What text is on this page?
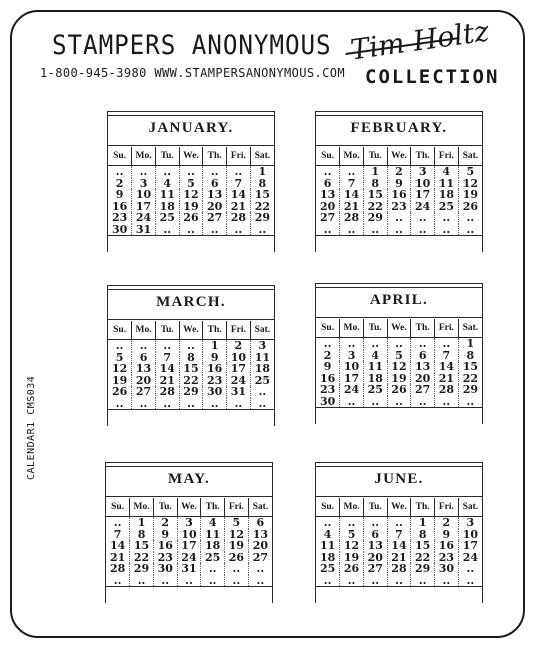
STAMPERS ANONYMOUS
1-800-945-3980 WWW.STAMPERSANONYMOUS.COM
Tim Holtz
COLLECTION
CALENDAR1 CMS034
JANUARY.
Su.	Mo.	Tu.	We.	Th.	Fri.	Sat.
..	..	..	..	..	..	1
2	3	4	5	6	7	8
9	10	11	12	13	14	15
16	17	18	19	20	21	22
23	24	25	26	27	28	29
30	31	..	..	..	..	..
FEBRUARY.
Su.	Mo.	Tu.	We.	Th.	Fri.	Sat.
..	..	1	2	3	4	5
6	7	8	9	10	11	12
13	14	15	16	17	18	19
20	21	22	23	24	25	26
27	28	29	..	..	..	..
..	..	..	..	..	..	..
MARCH.
Su.	Mo.	Tu.	We.	Th.	Fri.	Sat.
..	..	..	..	1	2	3
5	6	7	8	9	10	11
12	13	14	15	16	17	18
19	20	21	22	23	24	25
26	27	28	29	30	31	..
..	..	..	..	..	..	..
APRIL.
Su.	Mo.	Tu.	We.	Th.	Fri.	Sat.
..	..	..	..	..	..	1
2	3	4	5	6	7	8
9	10	11	12	13	14	15
16	17	18	19	20	21	22
23	24	25	26	27	28	29
30	..	..	..	..	..	..
MAY.
Su.	Mo.	Tu.	We.	Th.	Fri.	Sat.
..	1	2	3	4	5	6
7	8	9	10	11	12	13
14	15	16	17	18	19	20
21	22	23	24	25	26	27
28	29	30	31	..	..	..
..	..	..	..	..	..	..
JUNE.
Su.	Mo.	Tu.	We.	Th.	Fri.	Sat.
..	..	..	..	1	2	3
4	5	6	7	8	9	10
11	12	13	14	15	16	17
18	19	20	21	22	23	24
25	26	27	28	29	30	..
..	..	..	..	..	..	..
